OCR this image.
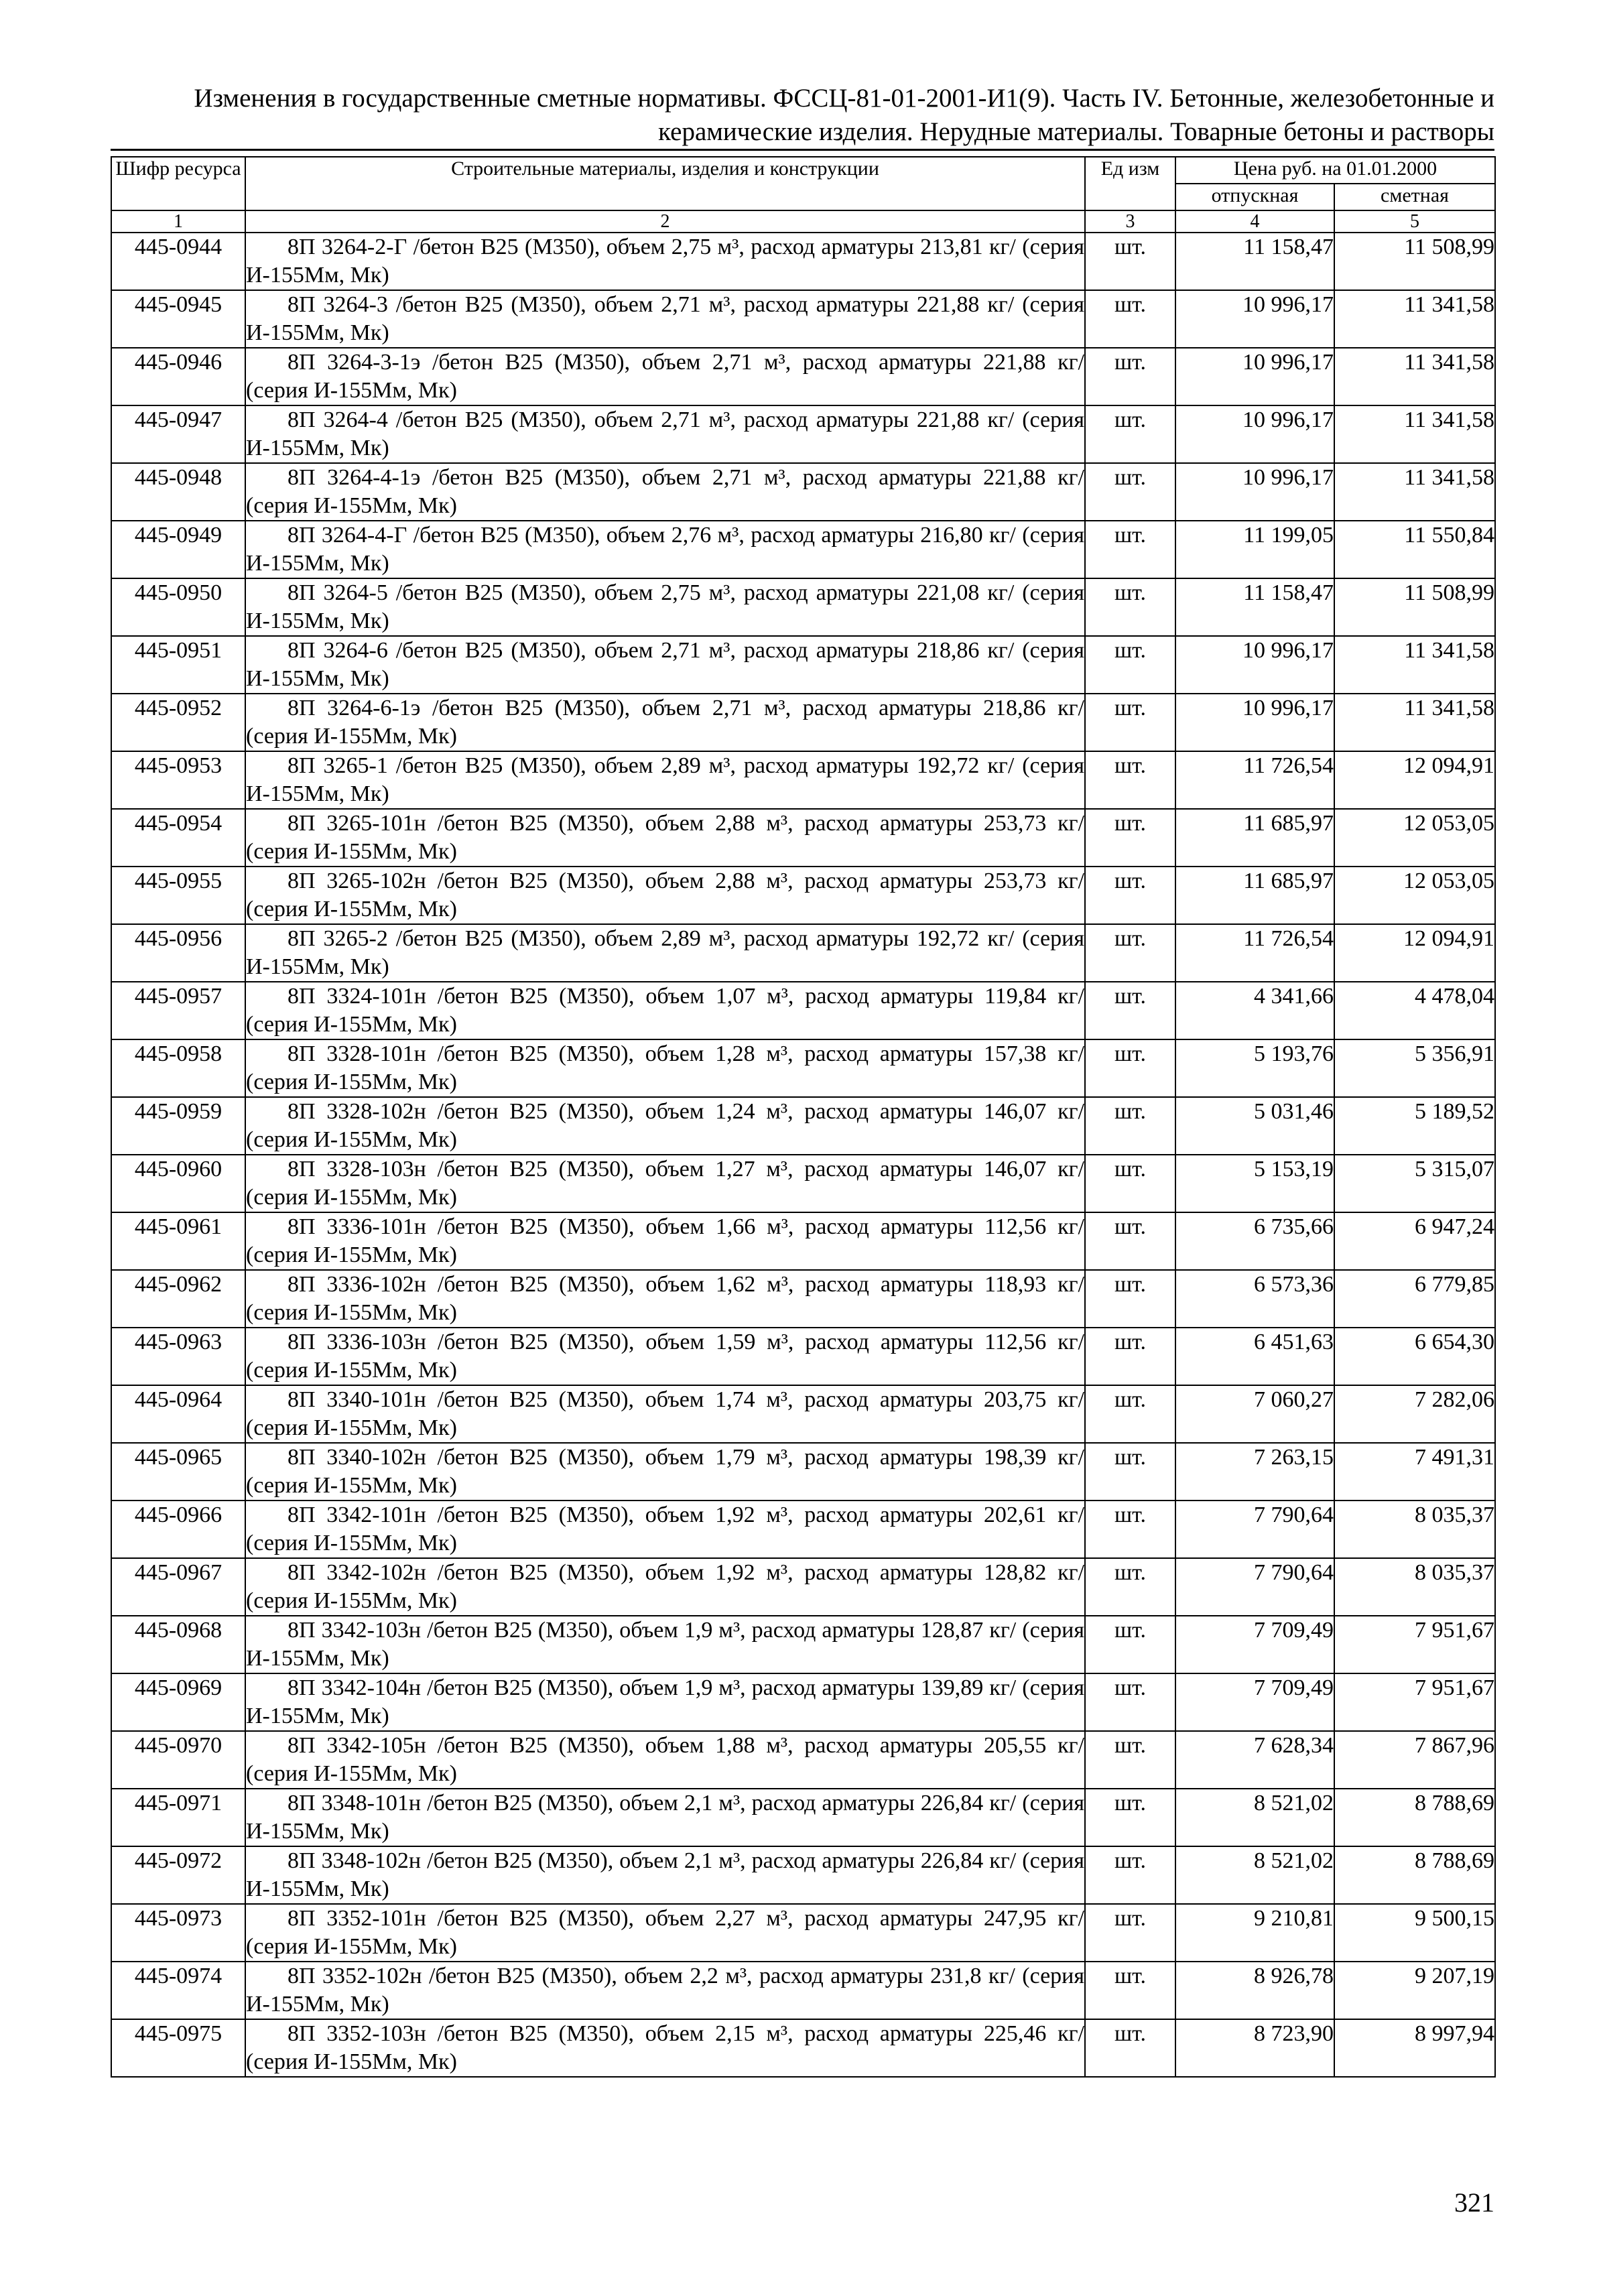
Изменения в государственные сметные нормативы. ФССЦ-81-01-2001-И1(9). Часть IV. Бетонные, железобетонные и
керамические изделия. Нерудные материалы. Товарные бетоны и растворы
Шифр ресурса	Строительные материалы, изделия и конструкции	Ед изм	Цена руб. на 01.01.2000	
			отпускная	сметная
1	2	3	4	5
445-0944	8П 3264-2-Г /бетон В25 (М350), объем 2,75 м³, расход арматуры 213,81 кг/ (серия И-155Мм, Мк)	шт.	11 158,47	11 508,99
445-0945	8П 3264-3 /бетон В25 (М350), объем 2,71 м³, расход арматуры 221,88 кг/ (серия И-155Мм, Мк)	шт.	10 996,17	11 341,58
445-0946	8П 3264-3-1э /бетон В25 (М350), объем 2,71 м³, расход арматуры 221,88 кг/ (серия И-155Мм, Мк)	шт.	10 996,17	11 341,58
445-0947	8П 3264-4 /бетон В25 (М350), объем 2,71 м³, расход арматуры 221,88 кг/ (серия И-155Мм, Мк)	шт.	10 996,17	11 341,58
445-0948	8П 3264-4-1э /бетон В25 (М350), объем 2,71 м³, расход арматуры 221,88 кг/ (серия И-155Мм, Мк)	шт.	10 996,17	11 341,58
445-0949	8П 3264-4-Г /бетон В25 (М350), объем 2,76 м³, расход арматуры 216,80 кг/ (серия И-155Мм, Мк)	шт.	11 199,05	11 550,84
445-0950	8П 3264-5 /бетон В25 (М350), объем 2,75 м³, расход арматуры 221,08 кг/ (серия И-155Мм, Мк)	шт.	11 158,47	11 508,99
445-0951	8П 3264-6 /бетон В25 (М350), объем 2,71 м³, расход арматуры 218,86 кг/ (серия И-155Мм, Мк)	шт.	10 996,17	11 341,58
445-0952	8П 3264-6-1э /бетон В25 (М350), объем 2,71 м³, расход арматуры 218,86 кг/ (серия И-155Мм, Мк)	шт.	10 996,17	11 341,58
445-0953	8П 3265-1 /бетон В25 (М350), объем 2,89 м³, расход арматуры 192,72 кг/ (серия И-155Мм, Мк)	шт.	11 726,54	12 094,91
445-0954	8П 3265-101н /бетон В25 (М350), объем 2,88 м³, расход арматуры 253,73 кг/ (серия И-155Мм, Мк)	шт.	11 685,97	12 053,05
445-0955	8П 3265-102н /бетон В25 (М350), объем 2,88 м³, расход арматуры 253,73 кг/ (серия И-155Мм, Мк)	шт.	11 685,97	12 053,05
445-0956	8П 3265-2 /бетон В25 (М350), объем 2,89 м³, расход арматуры 192,72 кг/ (серия И-155Мм, Мк)	шт.	11 726,54	12 094,91
445-0957	8П 3324-101н /бетон В25 (М350), объем 1,07 м³, расход арматуры 119,84 кг/ (серия И-155Мм, Мк)	шт.	4 341,66	4 478,04
445-0958	8П 3328-101н /бетон В25 (М350), объем 1,28 м³, расход арматуры 157,38 кг/ (серия И-155Мм, Мк)	шт.	5 193,76	5 356,91
445-0959	8П 3328-102н /бетон В25 (М350), объем 1,24 м³, расход арматуры 146,07 кг/ (серия И-155Мм, Мк)	шт.	5 031,46	5 189,52
445-0960	8П 3328-103н /бетон В25 (М350), объем 1,27 м³, расход арматуры 146,07 кг/ (серия И-155Мм, Мк)	шт.	5 153,19	5 315,07
445-0961	8П 3336-101н /бетон В25 (М350), объем 1,66 м³, расход арматуры 112,56 кг/ (серия И-155Мм, Мк)	шт.	6 735,66	6 947,24
445-0962	8П 3336-102н /бетон В25 (М350), объем 1,62 м³, расход арматуры 118,93 кг/ (серия И-155Мм, Мк)	шт.	6 573,36	6 779,85
445-0963	8П 3336-103н /бетон В25 (М350), объем 1,59 м³, расход арматуры 112,56 кг/ (серия И-155Мм, Мк)	шт.	6 451,63	6 654,30
445-0964	8П 3340-101н /бетон В25 (М350), объем 1,74 м³, расход арматуры 203,75 кг/ (серия И-155Мм, Мк)	шт.	7 060,27	7 282,06
445-0965	8П 3340-102н /бетон В25 (М350), объем 1,79 м³, расход арматуры 198,39 кг/ (серия И-155Мм, Мк)	шт.	7 263,15	7 491,31
445-0966	8П 3342-101н /бетон В25 (М350), объем 1,92 м³, расход арматуры 202,61 кг/ (серия И-155Мм, Мк)	шт.	7 790,64	8 035,37
445-0967	8П 3342-102н /бетон В25 (М350), объем 1,92 м³, расход арматуры 128,82 кг/ (серия И-155Мм, Мк)	шт.	7 790,64	8 035,37
445-0968	8П 3342-103н /бетон В25 (М350), объем 1,9 м³, расход арматуры 128,87 кг/ (серия И-155Мм, Мк)	шт.	7 709,49	7 951,67
445-0969	8П 3342-104н /бетон В25 (М350), объем 1,9 м³, расход арматуры 139,89 кг/ (серия И-155Мм, Мк)	шт.	7 709,49	7 951,67
445-0970	8П 3342-105н /бетон В25 (М350), объем 1,88 м³, расход арматуры 205,55 кг/ (серия И-155Мм, Мк)	шт.	7 628,34	7 867,96
445-0971	8П 3348-101н /бетон В25 (М350), объем 2,1 м³, расход арматуры 226,84 кг/ (серия И-155Мм, Мк)	шт.	8 521,02	8 788,69
445-0972	8П 3348-102н /бетон В25 (М350), объем 2,1 м³, расход арматуры 226,84 кг/ (серия И-155Мм, Мк)	шт.	8 521,02	8 788,69
445-0973	8П 3352-101н /бетон В25 (М350), объем 2,27 м³, расход арматуры 247,95 кг/ (серия И-155Мм, Мк)	шт.	9 210,81	9 500,15
445-0974	8П 3352-102н /бетон В25 (М350), объем 2,2 м³, расход арматуры 231,8 кг/ (серия И-155Мм, Мк)	шт.	8 926,78	9 207,19
445-0975	8П 3352-103н /бетон В25 (М350), объем 2,15 м³, расход арматуры 225,46 кг/ (серия И-155Мм, Мк)	шт.	8 723,90	8 997,94
321
